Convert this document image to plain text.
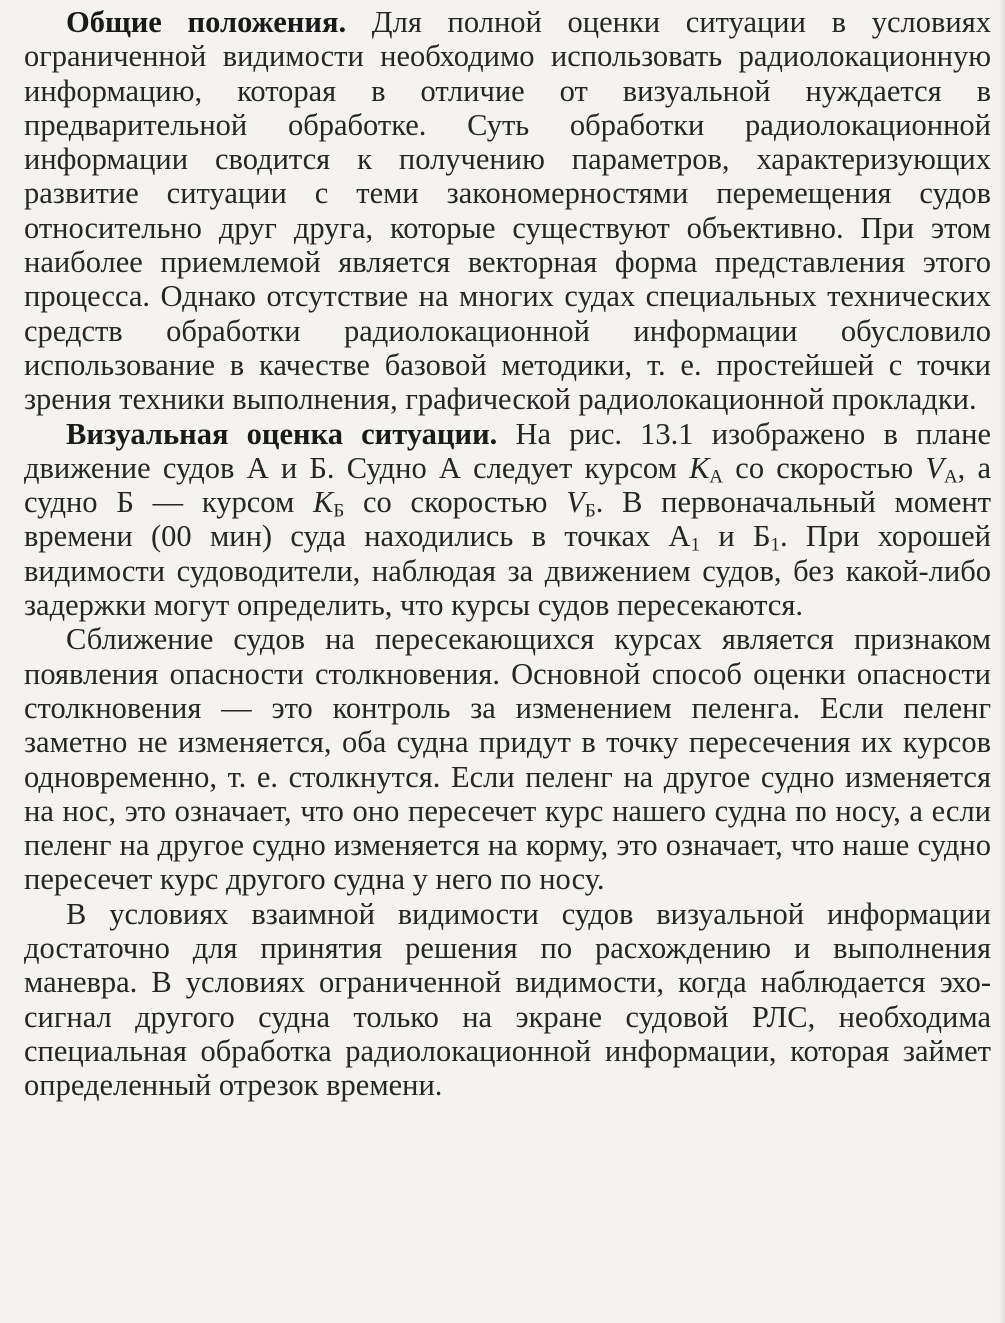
Общие положения. Для полной оценки ситуации в условиях ограниченной видимости необходимо использовать радиолокационную информацию, которая в отличие от визуальной нуждается в предварительной обработке. Суть обработки радиолокационной информации сводится к получению параметров, характеризующих развитие ситуации с теми закономерностями перемещения судов относительно друг друга, которые существуют объективно. При этом наиболее приемлемой является векторная форма представления этого процесса. Однако отсутствие на многих судах специальных технических средств обработки радиолокационной информации обусловило использование в качестве базовой методики, т. е. простейшей с точки зрения техники выполнения, графической радиолокационной прокладки.

Визуальная оценка ситуации. На рис. 13.1 изображено в плане движение судов А и Б. Судно А следует курсом $K_А$ со скоростью $V_А$, а судно Б — курсом $K_Б$ со скоростью $V_Б$. В первоначальный момент времени (00 мин) суда находились в точках $А_1$ и $Б_1$. При хорошей видимости судоводители, наблюдая за движением судов, без какой-либо задержки могут определить, что курсы судов пересекаются.

Сближение судов на пересекающихся курсах является признаком появления опасности столкновения. Основной способ оценки опасности столкновения — это контроль за изменением пеленга. Если пеленг заметно не изменяется, оба судна придут в точку пересечения их курсов одновременно, т. е. столкнутся. Если пеленг на другое судно изменяется на нос, это означает, что оно пересечет курс нашего судна по носу, а если пеленг на другое судно изменяется на корму, это означает, что наше судно пересечет курс другого судна у него по носу.

В условиях взаимной видимости судов визуальной информации достаточно для принятия решения по расхождению и выполнения маневра. В условиях ограниченной видимости, когда наблюдается эхо-сигнал другого судна только на экране судовой РЛС, необходима специальная обработка радиолокационной информации, которая займет определенный отрезок времени.
